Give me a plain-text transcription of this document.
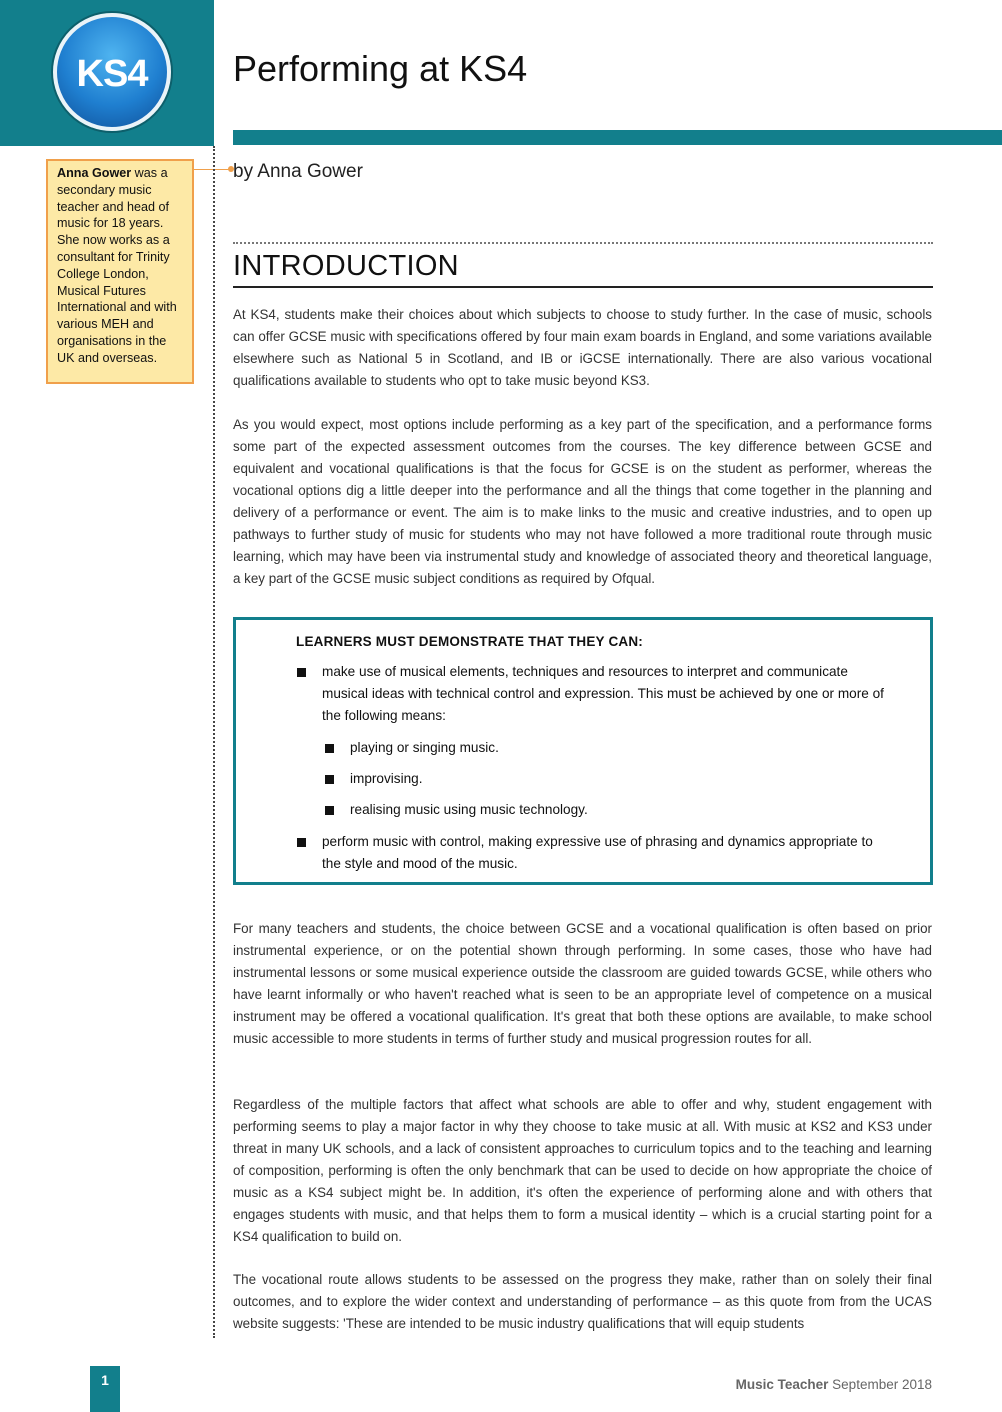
KS4	Performing at KS4
Anna Gower was a secondary music teacher and head of music for 18 years. She now works as a consultant for Trinity College London, Musical Futures International and with various MEH and organisations in the UK and overseas.
by Anna Gower
INTRODUCTION

At KS4, students make their choices about which subjects to choose to study further. In the case of music, schools can offer GCSE music with specifications offered by four main exam boards in England, and some variations available elsewhere such as National 5 in Scotland, and IB or iGCSE internationally. There are also various vocational qualifications available to students who opt to take music beyond KS3.

As you would expect, most options include performing as a key part of the specification, and a performance forms some part of the expected assessment outcomes from the courses. The key difference between GCSE and equivalent and vocational qualifications is that the focus for GCSE is on the student as performer, whereas the vocational options dig a little deeper into the performance and all the things that come together in the planning and delivery of a performance or event. The aim is to make links to the music and creative industries, and to open up pathways to further study of music for students who may not have followed a more traditional route through music learning, which may have been via instrumental study and knowledge of associated theory and theoretical language, a key part of the GCSE music subject conditions as required by Ofqual.

LEARNERS MUST DEMONSTRATE THAT THEY CAN:
make use of musical elements, techniques and resources to interpret and communicate
musical ideas with technical control and expression. This must be achieved by one or more of
the following means:
playing or singing music.
improvising.
realising music using music technology.
perform music with control, making expressive use of phrasing and dynamics appropriate to
the style and mood of the music.

For many teachers and students, the choice between GCSE and a vocational qualification is often based on prior instrumental experience, or on the potential shown through performing. In some cases, those who have had instrumental lessons or some musical experience outside the classroom are guided towards GCSE, while others who have learnt informally or who haven't reached what is seen to be an appropriate level of competence on a musical instrument may be offered a vocational qualification. It's great that both these options are available, to make school music accessible to more students in terms of further study and musical progression routes for all.

Regardless of the multiple factors that affect what schools are able to offer and why, student engagement with performing seems to play a major factor in why they choose to take music at all. With music at KS2 and KS3 under threat in many UK schools, and a lack of consistent approaches to curriculum topics and to the teaching and learning of composition, performing is often the only benchmark that can be used to decide on how appropriate the choice of music as a KS4 subject might be. In addition, it's often the experience of performing alone and with others that engages students with music, and that helps them to form a musical identity – which is a crucial starting point for a KS4 qualification to build on.

The vocational route allows students to be assessed on the progress they make, rather than on solely their final outcomes, and to explore the wider context and understanding of performance – as this quote from from the UCAS website suggests: 'These are intended to be music industry qualifications that will equip students

1	Music Teacher September 2018
